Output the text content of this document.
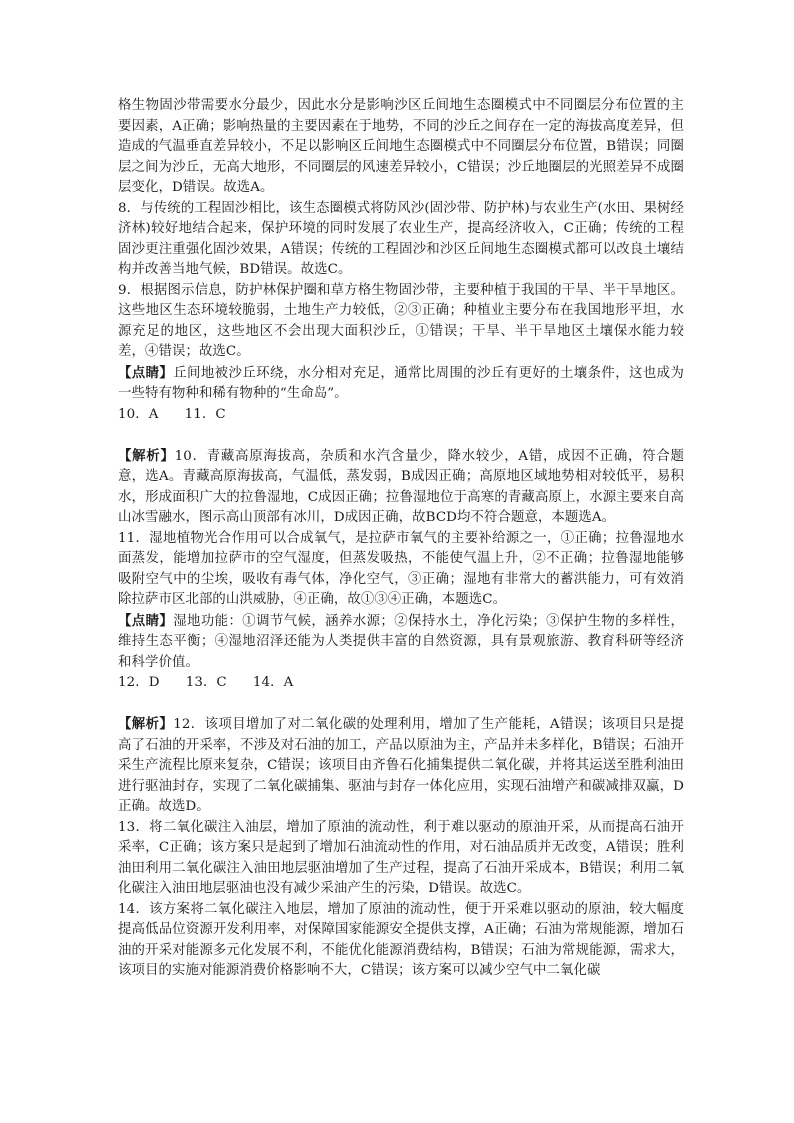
格生物固沙带需要水分最少，因此水分是影响沙区丘间地生态圈模式中不同圈层分布位置的主要因素，A正确；影响热量的主要因素在于地势，不同的沙丘之间存在一定的海拔高度差异，但造成的气温垂直差异较小，不足以影响区丘间地生态圈模式中不同圈层分布位置，B错误；同圈层之间为沙丘，无高大地形，不同圈层的风速差异较小，C错误；沙丘地圈层的光照差异不成圈层变化，D错误。故选A。

8．与传统的工程固沙相比，该生态圈模式将防风沙(固沙带、防护林)与农业生产(水田、果树经济林)较好地结合起来，保护环境的同时发展了农业生产，提高经济收入，C正确；传统的工程固沙更注重强化固沙效果，A错误；传统的工程固沙和沙区丘间地生态圈模式都可以改良土壤结构并改善当地气候，BD错误。故选C。

9．根据图示信息，防护林保护圈和草方格生物固沙带，主要种植于我国的干旱、半干旱地区。这些地区生态环境较脆弱，土地生产力较低，②③正确；种植业主要分布在我国地形平坦，水源充足的地区，这些地区不会出现大面积沙丘，①错误；干旱、半干旱地区土壤保水能力较差，④错误；故选C。

【点睛】丘间地被沙丘环绕，水分相对充足，通常比周围的沙丘有更好的土壤条件，这也成为一些特有物种和稀有物种的“生命岛”。

10．A      11．C

【解析】10．青藏高原海拔高，杂质和水汽含量少，降水较少，A错，成因不正确，符合题意，选A。青藏高原海拔高，气温低，蒸发弱，B成因正确；高原地区域地势相对较低平，易积水，形成面积广大的拉鲁湿地，C成因正确；拉鲁湿地位于高寒的青藏高原上，水源主要来自高山冰雪融水，图示高山顶部有冰川，D成因正确，故BCD均不符合题意，本题选A。

11．湿地植物光合作用可以合成氧气，是拉萨市氧气的主要补给源之一，①正确；拉鲁湿地水面蒸发，能增加拉萨市的空气湿度，但蒸发吸热，不能使气温上升，②不正确；拉鲁湿地能够吸附空气中的尘埃，吸收有毒气体，净化空气，③正确；湿地有非常大的蓄洪能力，可有效消除拉萨市区北部的山洪威胁，④正确，故①③④正确，本题选C。

【点睛】湿地功能：①调节气候，涵养水源；②保持水土，净化污染；③保护生物的多样性，维持生态平衡；④湿地沼泽还能为人类提供丰富的自然资源，具有景观旅游、教育科研等经济和科学价值。

12．D      13．C      14．A

【解析】12．该项目增加了对二氧化碳的处理利用，增加了生产能耗，A错误；该项目只是提高了石油的开采率，不涉及对石油的加工，产品以原油为主，产品并未多样化，B错误；石油开采生产流程比原来复杂，C错误；该项目由齐鲁石化捕集提供二氧化碳，并将其运送至胜利油田进行驱油封存，实现了二氧化碳捕集、驱油与封存一体化应用，实现石油增产和碳减排双赢，D正确。故选D。

13．将二氧化碳注入油层，增加了原油的流动性，利于难以驱动的原油开采，从而提高石油开采率，C正确；该方案只是起到了增加石油流动性的作用，对石油品质并无改变，A错误；胜利油田利用二氧化碳注入油田地层驱油增加了生产过程，提高了石油开采成本，B错误；利用二氧化碳注入油田地层驱油也没有减少采油产生的污染，D错误。故选C。

14．该方案将二氧化碳注入地层，增加了原油的流动性，便于开采难以驱动的原油，较大幅度提高低品位资源开发利用率，对保障国家能源安全提供支撑，A正确；石油为常规能源，增加石油的开采对能源多元化发展不利，不能优化能源消费结构，B错误；石油为常规能源，需求大，该项目的实施对能源消费价格影响不大，C错误；该方案可以减少空气中二氧化碳
